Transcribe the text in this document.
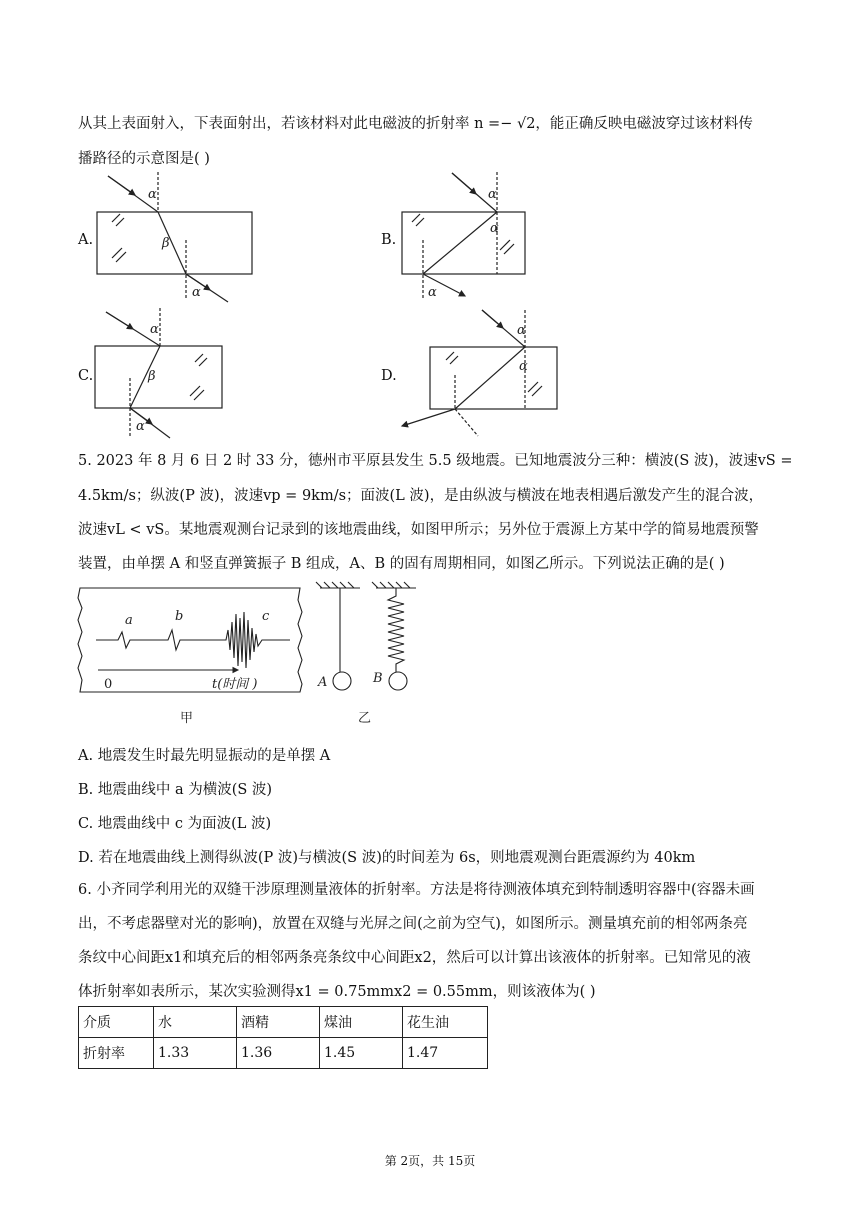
从其上表面射入，下表面射出，若该材料对此电磁波的折射率 n =− √2，能正确反映电磁波穿过该材料传
播路径的示意图是( )
A.	B.
C.	D.
α
β
α
α
α
α
α
β
α
α
α
5. 2023 年 8 月 6 日 2 时 33 分，德州市平原县发生 5.5 级地震。已知地震波分三种：横波(S 波)，波速vS =
4.5km/s；纵波(P 波)，波速vp = 9km/s；面波(L 波)，是由纵波与横波在地表相遇后激发产生的混合波，
波速vL < vS。某地震观测台记录到的该地震曲线，如图甲所示；另外位于震源上方某中学的简易地震预警
装置，由单摆 A 和竖直弹簧振子 B 组成，A、B 的固有周期相同，如图乙所示。下列说法正确的是( )
a	b	c
0	t(时间 )	A	B
甲	乙
A. 地震发生时最先明显振动的是单摆 A
B. 地震曲线中 a 为横波(S 波)
C. 地震曲线中 c 为面波(L 波)
D. 若在地震曲线上测得纵波(P 波)与横波(S 波)的时间差为 6s，则地震观测台距震源约为 40km
6. 小齐同学利用光的双缝干涉原理测量液体的折射率。方法是将待测液体填充到特制透明容器中(容器未画
出，不考虑器壁对光的影响)，放置在双缝与光屏之间(之前为空气)，如图所示。测量填充前的相邻两条亮
条纹中心间距x1和填充后的相邻两条亮条纹中心间距x2，然后可以计算出该液体的折射率。已知常见的液
体折射率如表所示，某次实验测得x1 = 0.75mmx2 = 0.55mm，则该液体为( )
介质	水	酒精	煤油	花生油
折射率	1.33	1.36	1.45	1.47
第 2页，共 15页
